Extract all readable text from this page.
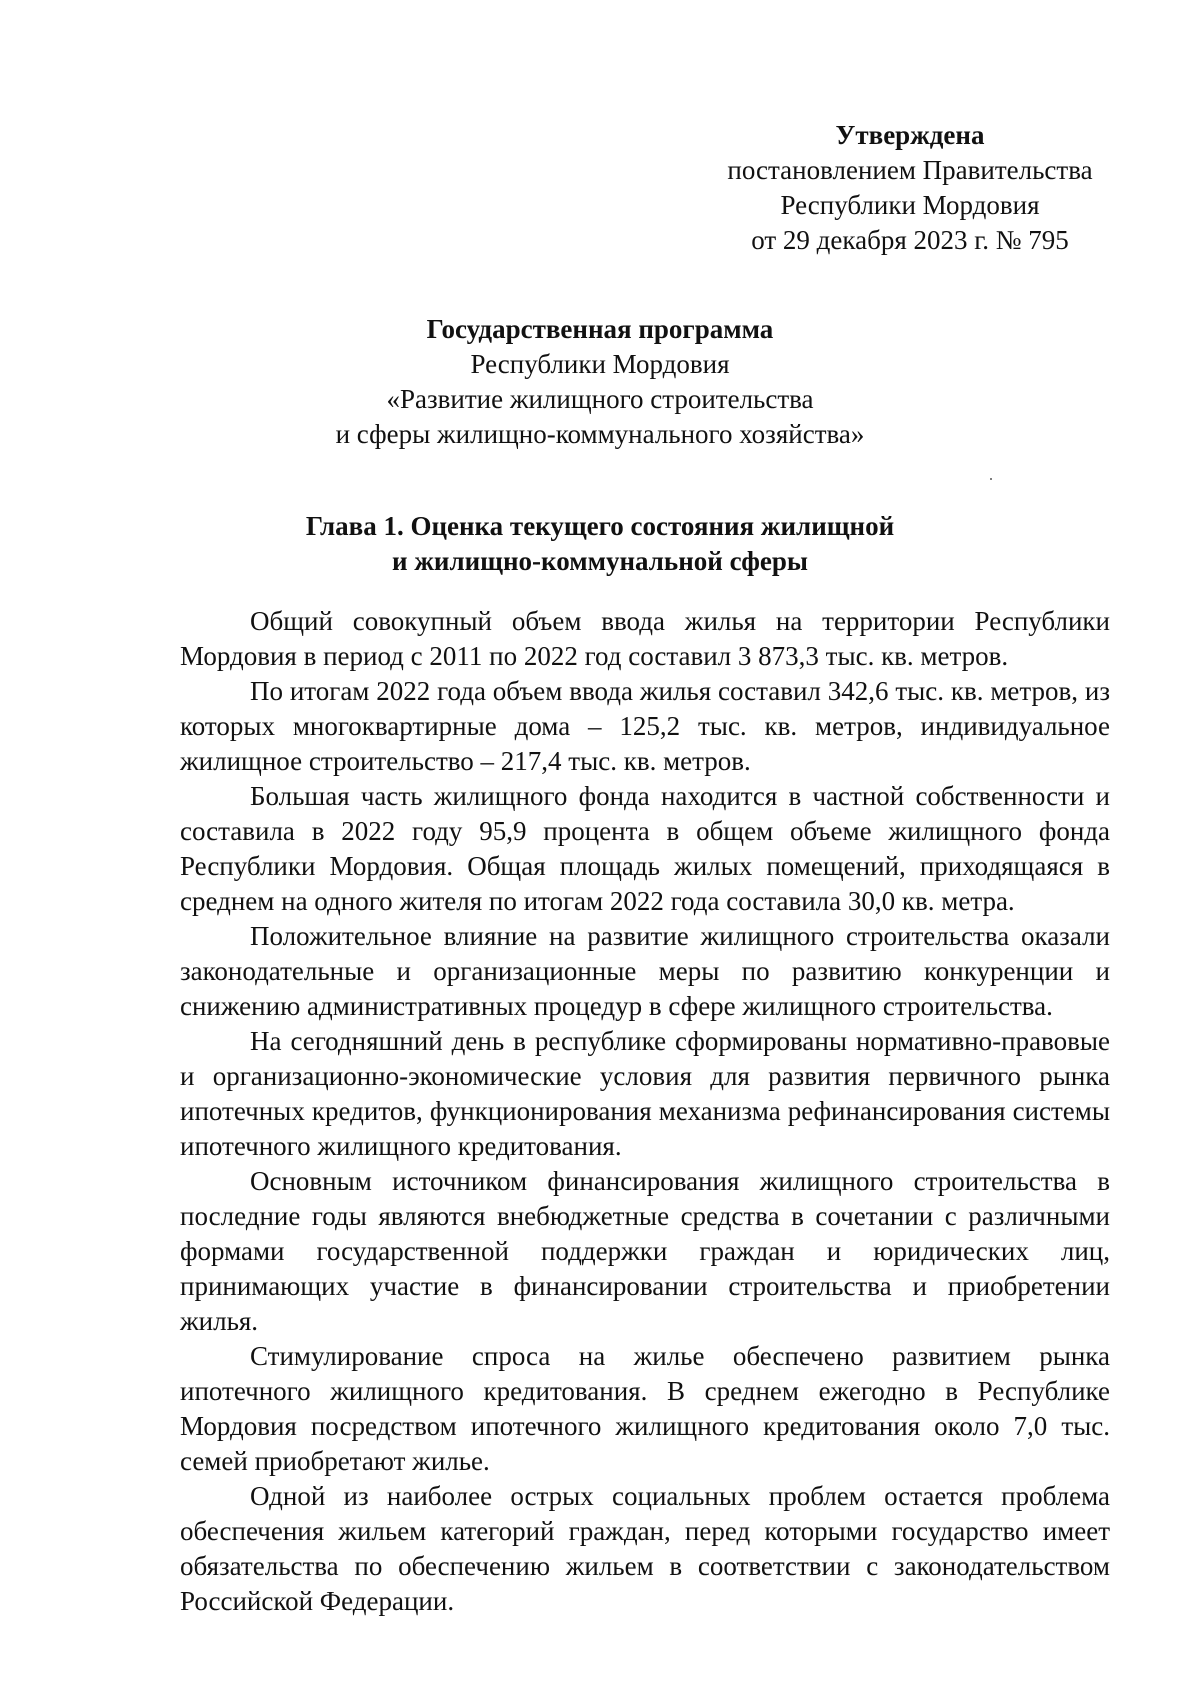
Утверждена
постановлением Правительства
Республики Мордовия
от 29 декабря 2023 г. № 795
Государственная программа
Республики Мордовия
«Развитие жилищного строительства
и сферы жилищно-коммунального хозяйства»
Глава 1. Оценка текущего состояния жилищной
и жилищно-коммунальной сферы

Общий совокупный объем ввода жилья на территории Республики Мордовия в период с 2011 по 2022 год составил 3 873,3 тыс. кв. метров.

По итогам 2022 года объем ввода жилья составил 342,6 тыс. кв. метров, из которых многоквартирные дома – 125,2 тыс. кв. метров, индивидуальное жилищное строительство – 217,4 тыс. кв. метров.

Большая часть жилищного фонда находится в частной собственности и составила в 2022 году 95,9 процента в общем объеме жилищного фонда Республики Мордовия. Общая площадь жилых помещений, приходящаяся в среднем на одного жителя по итогам 2022 года составила 30,0 кв. метра.

Положительное влияние на развитие жилищного строительства оказали законодательные и организационные меры по развитию конкуренции и снижению административных процедур в сфере жилищного строительства.

На сегодняшний день в республике сформированы нормативно-правовые и организационно-экономические условия для развития первичного рынка ипотечных кредитов, функционирования механизма рефинансирования системы ипотечного жилищного кредитования.

Основным источником финансирования жилищного строительства в последние годы являются внебюджетные средства в сочетании с различными формами государственной поддержки граждан и юридических лиц, принимающих участие в финансировании строительства и приобретении жилья.

Стимулирование спроса на жилье обеспечено развитием рынка ипотечного жилищного кредитования. В среднем ежегодно в Республике Мордовия посредством ипотечного жилищного кредитования около 7,0 тыс. семей приобретают жилье.

Одной из наиболее острых социальных проблем остается проблема обеспечения жильем категорий граждан, перед которыми государство имеет обязательства по обеспечению жильем в соответствии с законодательством Российской Федерации.
